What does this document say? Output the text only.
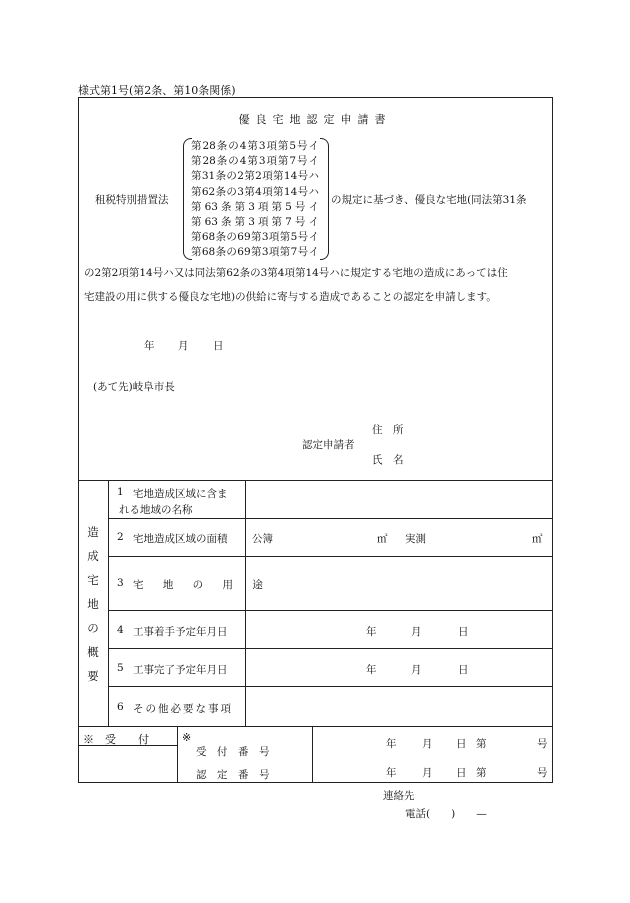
様式第1号(第2条、第10条関係)
優良宅地認定申請書
租税特別措置法
第28条の4第3項第5号イ
第28条の4第3項第7号イ
第31条の2第2項第14号ハ
第62条の3第4項第14号ハ
第63条第3項第5号イ
第63条第3項第7号イ
第68条の69第3項第5号イ
第68条の69第3項第7号イ
の規定に基づき、優良な宅地(同法第31条
の2第2項第14号ハ又は同法第62条の3第4項第14号ハに規定する宅地の造成にあっては住
宅建設の用に供する優良な宅地)の供給に寄与する造成であることの認定を申請します。
年 月 日
(あて先)岐阜市長
住　所
認定申請者
氏　名
造
成
宅
地
の
概
要
1 宅地造成区域に含ま
れる地域の名称
2 宅地造成区域の面積 公簿	㎡ 実測	㎡
3 宅 地 の 用 途
4 工事着手予定年月日	年	月	日
5 工事完了予定年月日	年	月	日
6 その他必要な事項
※　受　　付	※
受　付　番　号
認　定　番　号
年 月 日 第	号
年 月 日 第	号
連絡先
電話(　　)　　—
